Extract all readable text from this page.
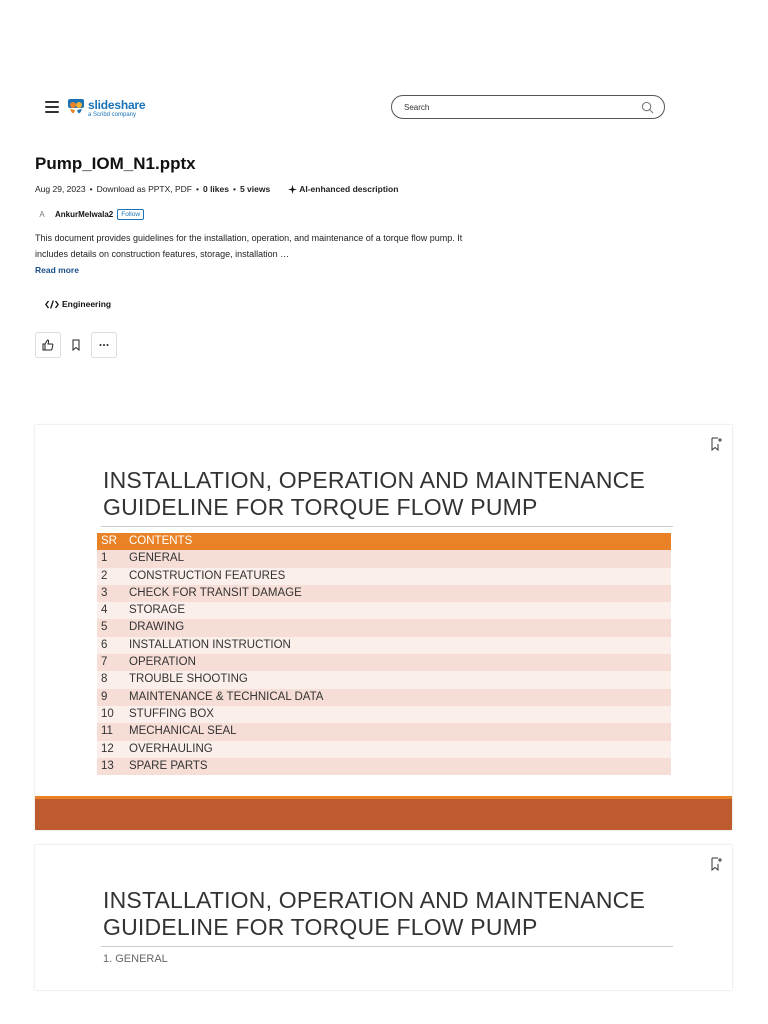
slideshare
a Scribd company
Search
Pump_IOM_N1.pptx
Aug 29, 2023 • Download as PPTX, PDF • 0 likes • 5 views	AI-enhanced description
A	AnkurMelwala2	Follow
This document provides guidelines for the installation, operation, and maintenance of a torque flow pump. It includes details on construction features, storage, installation …
Read more
Engineering
INSTALLATION, OPERATION AND MAINTENANCE
GUIDELINE FOR TORQUE FLOW PUMP
SR	CONTENTS
1	GENERAL
2	CONSTRUCTION FEATURES
3	CHECK FOR TRANSIT DAMAGE
4	STORAGE
5	DRAWING
6	INSTALLATION INSTRUCTION
7	OPERATION
8	TROUBLE SHOOTING
9	MAINTENANCE & TECHNICAL DATA
10	STUFFING BOX
11	MECHANICAL SEAL
12	OVERHAULING
13	SPARE PARTS
INSTALLATION, OPERATION AND MAINTENANCE
GUIDELINE FOR TORQUE FLOW PUMP
1. GENERAL
